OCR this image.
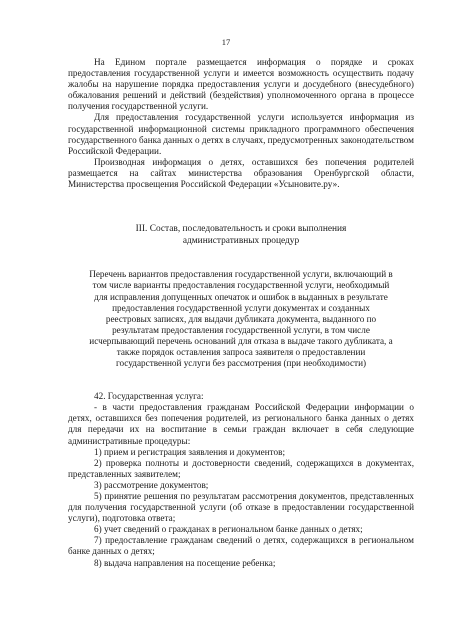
17

На Едином портале размещается информация о порядке и сроках предоставления государственной услуги и имеется возможность осуществить подачу жалобы на нарушение порядка предоставления услуги и досудебного (внесудебного) обжалования решений и действий (бездействия) уполномоченного органа в процессе получения государственной услуги.

Для предоставления государственной услуги используется информация из государственной информационной системы прикладного программного обеспечения государственного банка данных о детях в случаях, предусмотренных законодательством Российской Федерации.

Производная информация о детях, оставшихся без попечения родителей размещается на сайтах министерства образования Оренбургской области, Министерства просвещения Российской Федерации «Усыновите.ру».

III. Состав, последовательность и сроки выполнения
административных процедур
Перечень вариантов предоставления государственной услуги, включающий в
том числе варианты предоставления государственной услуги, необходимый
для исправления допущенных опечаток и ошибок в выданных в результате
предоставления государственной услуги документах и созданных
реестровых записях, для выдачи дубликата документа, выданного по
результатам предоставления государственной услуги, в том числе
исчерпывающий перечень оснований для отказа в выдаче такого дубликата, а
также порядок оставления запроса заявителя о предоставлении
государственной услуги без рассмотрения (при необходимости)

42. Государственная услуга:

- в части предоставления гражданам Российской Федерации информации о детях, оставшихся без попечения родителей, из регионального банка данных о детях для передачи их на воспитание в семьи граждан включает в себя следующие административные процедуры:

1) прием и регистрация заявления и документов;

2) проверка полноты и достоверности сведений, содержащихся в документах, представленных заявителем;

3) рассмотрение документов;

5) принятие решения по результатам рассмотрения документов, представленных для получения государственной услуги (об отказе в предоставлении государственной услуги), подготовка ответа;

6) учет сведений о гражданах в региональном банке данных о детях;

7) предоставление гражданам сведений о детях, содержащихся в региональном банке данных о детях;

8) выдача направления на посещение ребенка;
